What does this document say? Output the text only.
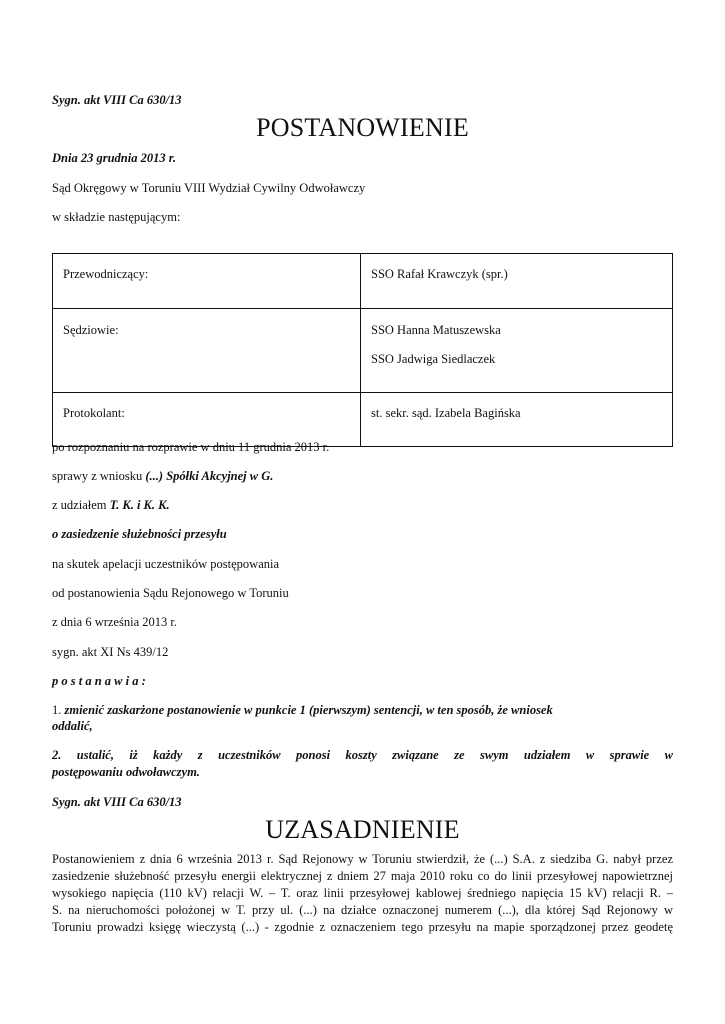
Sygn. akt VIII Ca 630/13
POSTANOWIENIE
Dnia 23 grudnia 2013 r.
Sąd Okręgowy w Toruniu VIII Wydział Cywilny Odwoławczy
w składzie następującym:
Przewodniczący:	SSO Rafał Krawczyk (spr.)

Sędziowie:	SSO Hanna Matuszewska
SSO Jadwiga Siedlaczek

Protokolant:	st. sekr. sąd. Izabela Bagińska
po rozpoznaniu na rozprawie w dniu 11 grudnia 2013 r.
sprawy z wniosku (...) Spółki Akcyjnej w G.
z udziałem T. K. i K. K.
o zasiedzenie służebności przesyłu
na skutek apelacji uczestników postępowania
od postanowienia Sądu Rejonowego w Toruniu
z dnia 6 września 2013 r.
sygn. akt XI Ns 439/12
p o s t a n a w i a :
1. zmienić zaskarżone postanowienie w punkcie 1 (pierwszym) sentencji, w ten sposób, że wniosek
oddalić,
2. ustalić, iż każdy z uczestników ponosi koszty związane ze swym udziałem w sprawie w
postępowaniu odwoławczym.
Sygn. akt VIII Ca 630/13
UZASADNIENIE
Postanowieniem z dnia 6 września 2013 r. Sąd Rejonowy w Toruniu stwierdził, że (...) S.A. z siedziba G. nabył przez
zasiedzenie służebność przesyłu energii elektrycznej z dniem 27 maja 2010 roku co do linii przesyłowej napowietrznej
wysokiego napięcia (110 kV) relacji W. – T. oraz linii przesyłowej kablowej średniego napięcia 15 kV) relacji R. –
S. na nieruchomości położonej w T. przy ul. (...) na działce oznaczonej numerem (...), dla której Sąd Rejonowy w
Toruniu prowadzi księgę wieczystą (...) - zgodnie z oznaczeniem tego przesyłu na mapie sporządzonej przez geodetę
